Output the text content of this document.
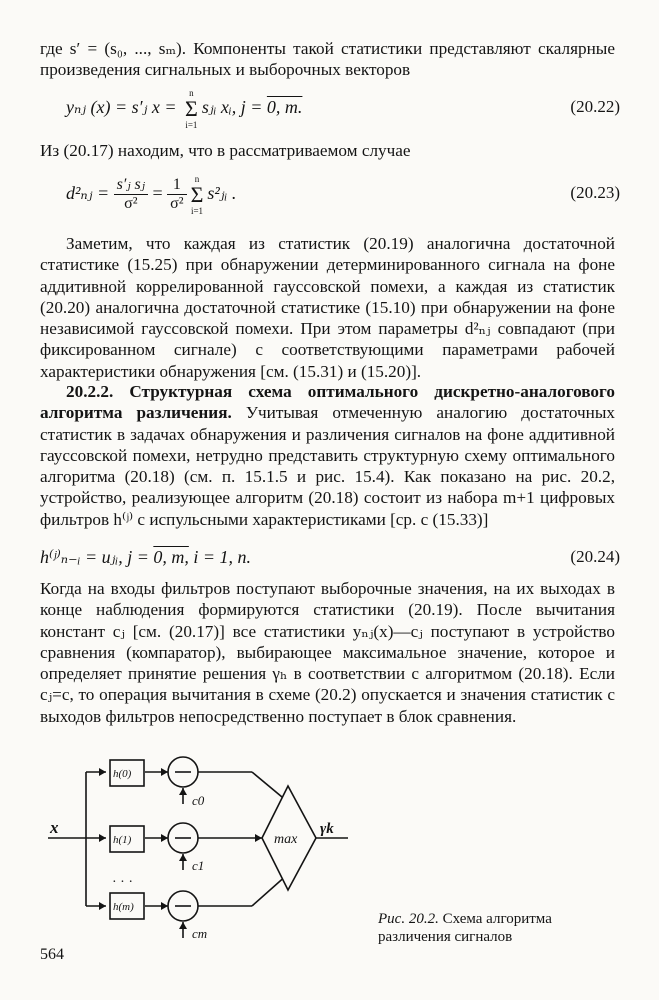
где s′ = (s₀, ..., sₘ). Компоненты такой статистики представляют скалярные произведения сигнальных и выборочных векторов

yₙⱼ (x) = s′ⱼ x = n
Σ
i=1sⱼᵢ xᵢ, j = 0, m.	(20.22)

Из (20.17) находим, что в рассматриваемом случае

d²ₙⱼ = $\frac{\text{s′ⱼ sⱼ}}{\text{σ²}} = \frac{1}{\text{σ²}}$ n
Σ
i=1s²ⱼᵢ .	(20.23)

Заметим, что каждая из статистик (20.19) аналогична достаточной статистике (15.25) при обнаружении детерминированного сигнала на фоне аддитивной коррелированной гауссовской помехи, а каждая из статистик (20.20) аналогична достаточной статистике (15.10) при обнаружении на фоне независимой гауссовской помехи. При этом параметры d²ₙⱼ совпадают (при фиксированном сигнале) с соответствующими параметрами рабочей характеристики обнаружения [см. (15.31) и (15.20)].

20.2.2. Структурная схема оптимального дискретно-аналогового алгоритма различения. Учитывая отмеченную аналогию достаточных статистик в задачах обнаружения и различения сигналов на фоне аддитивной гауссовской помехи, нетрудно представить структурную схему оптимального алгоритма (20.18) (см. п. 15.1.5 и рис. 15.4). Как показано на рис. 20.2, устройство, реализующее алгоритм (20.18) состоит из набора m+1 цифровых фильтров h⁽ʲ⁾ с испульсными характеристиками [ср. с (15.33)]

h⁽ʲ⁾ₙ₋ᵢ = uⱼᵢ, j = 0, m, i = 1, n.	(20.24)

Когда на входы фильтров поступают выборочные значения, на их выходах в конце наблюдения формируются статистики (20.19). После вычитания констант cⱼ [см. (20.17)] все статистики yₙⱼ(x)—cⱼ поступают в устройство сравнения (компаратор), выбирающее максимальное значение, которое и определяет принятие решения γₕ в соответствии с алгоритмом (20.18). Если cⱼ=c, то операция вычитания в схеме (20.2) опускается и значения статистик с выходов фильтров непосредственно поступает в блок сравнения.

x
h(0)
h(1)
h(m)
c0
c1
cm
max
γk
· · ·

Рис. 20.2. Схема алгоритма различения сигналов

564
